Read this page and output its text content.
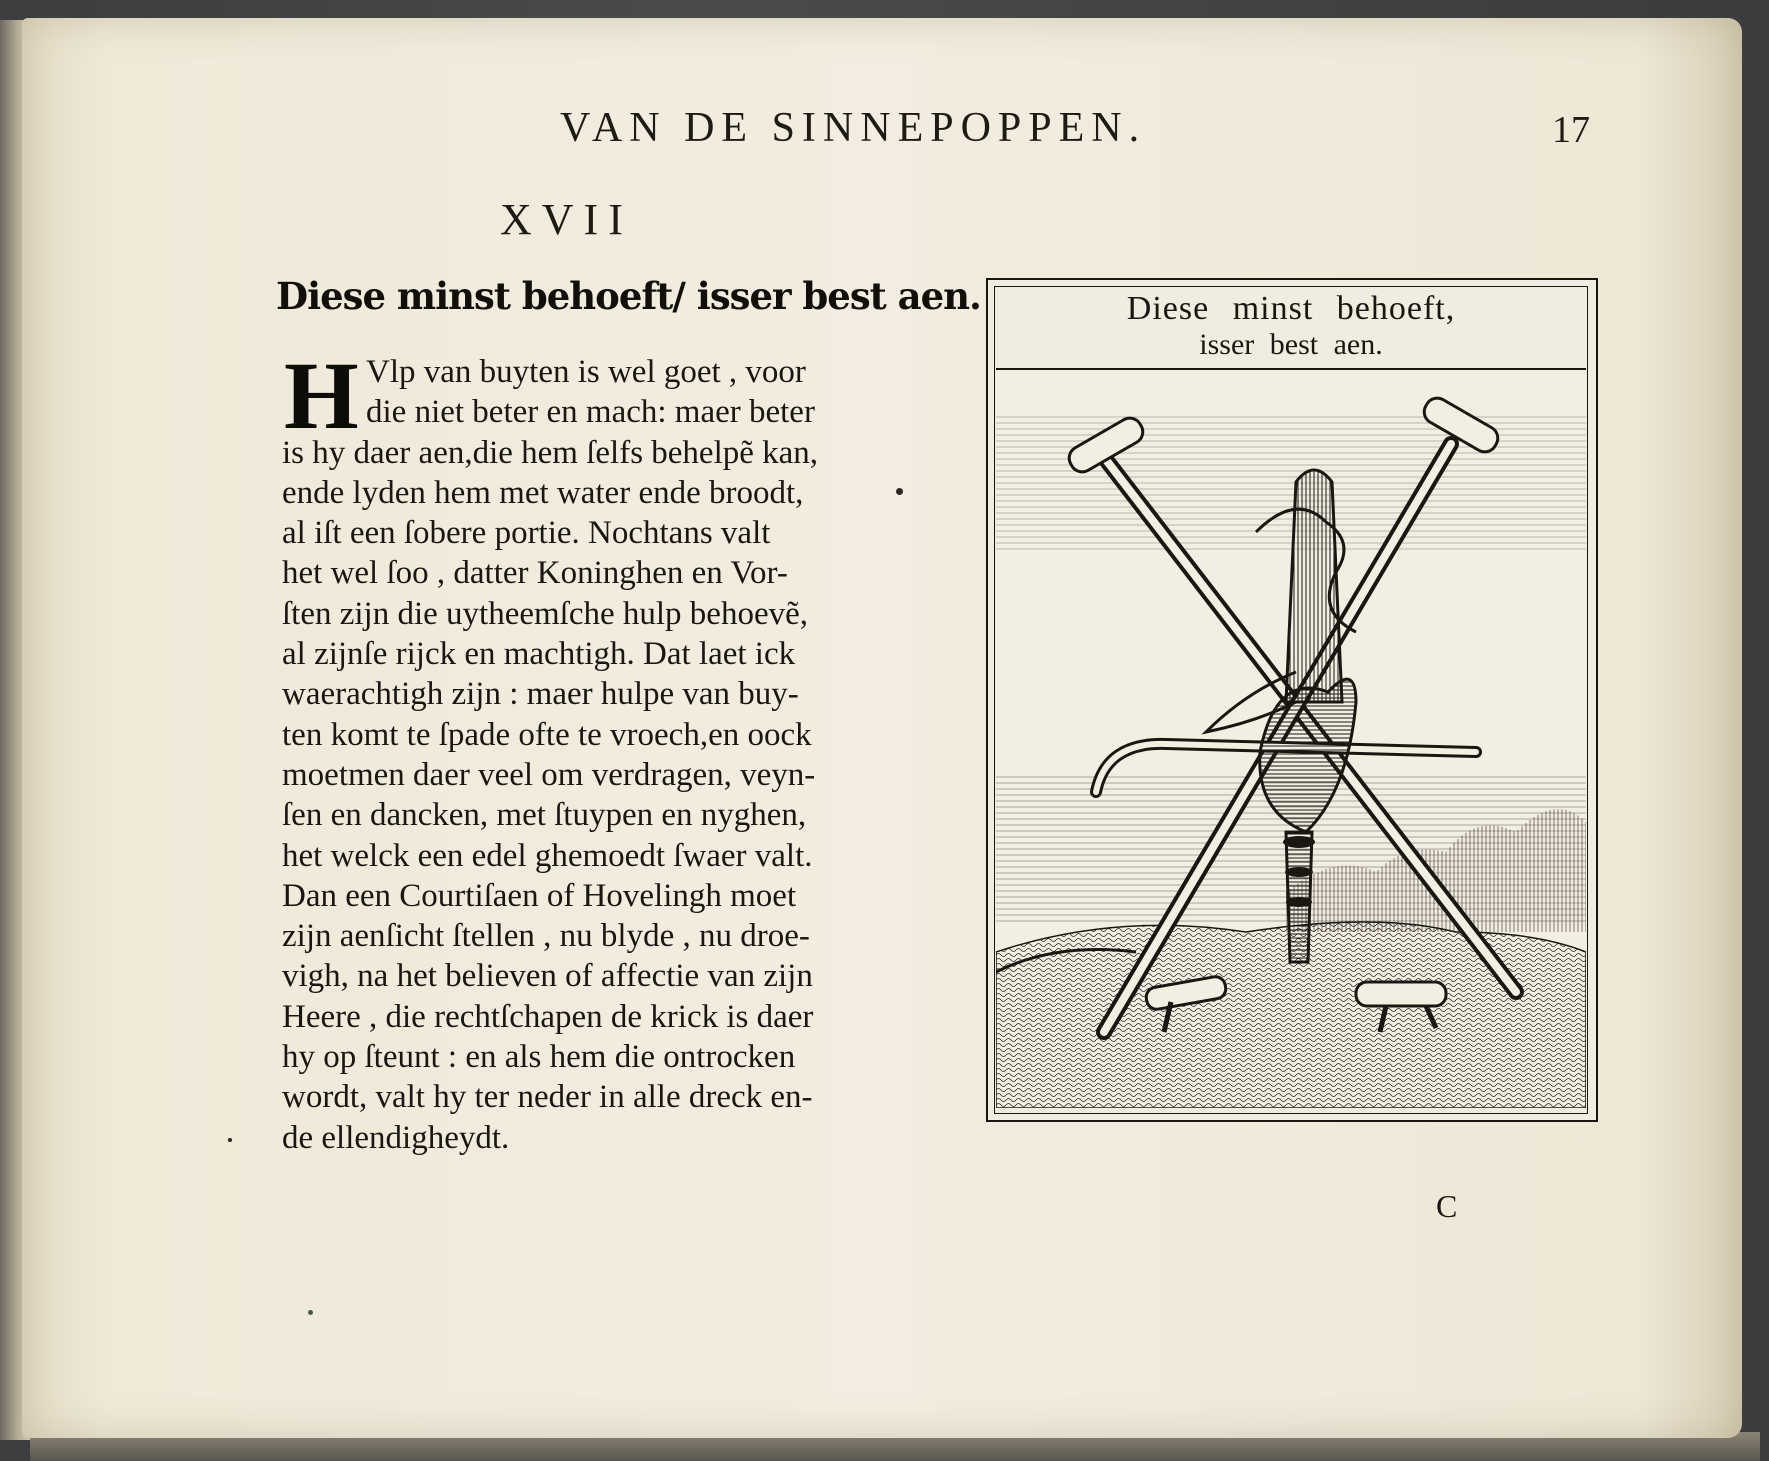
VAN DE SINNEPOPPEN.	17
XVII
Diese minst behoeft/ isser best aen.
H Vlp van buyten is wel goet , voor
die niet beter en mach: maer beter
is hy daer aen,die hem ſelfs behelpẽ kan,
ende lyden hem met water ende broodt,
al iſt een ſobere portie. Nochtans valt
het wel ſoo , datter Koninghen en Vor-
ſten zijn die uytheemſche hulp behoevẽ,
al zijnſe rijck en machtigh. Dat laet ick
waerachtigh zijn : maer hulpe van buy-
ten komt te ſpade ofte te vroech,en oock
moetmen daer veel om verdragen, veyn-
ſen en dancken, met ſtuypen en nyghen,
het welck een edel ghemoedt ſwaer valt.
Dan een Courtiſaen of Hovelingh moet
zijn aenſicht ſtellen , nu blyde , nu droe-
vigh, na het believen of affectie van zijn
Heere , die rechtſchapen de krick is daer
hy op ſteunt : en als hem die ontrocken
wordt, valt hy ter neder in alle dreck en-
de ellendigheydt.
Diese minst behoeft,
isser best aen.
C
